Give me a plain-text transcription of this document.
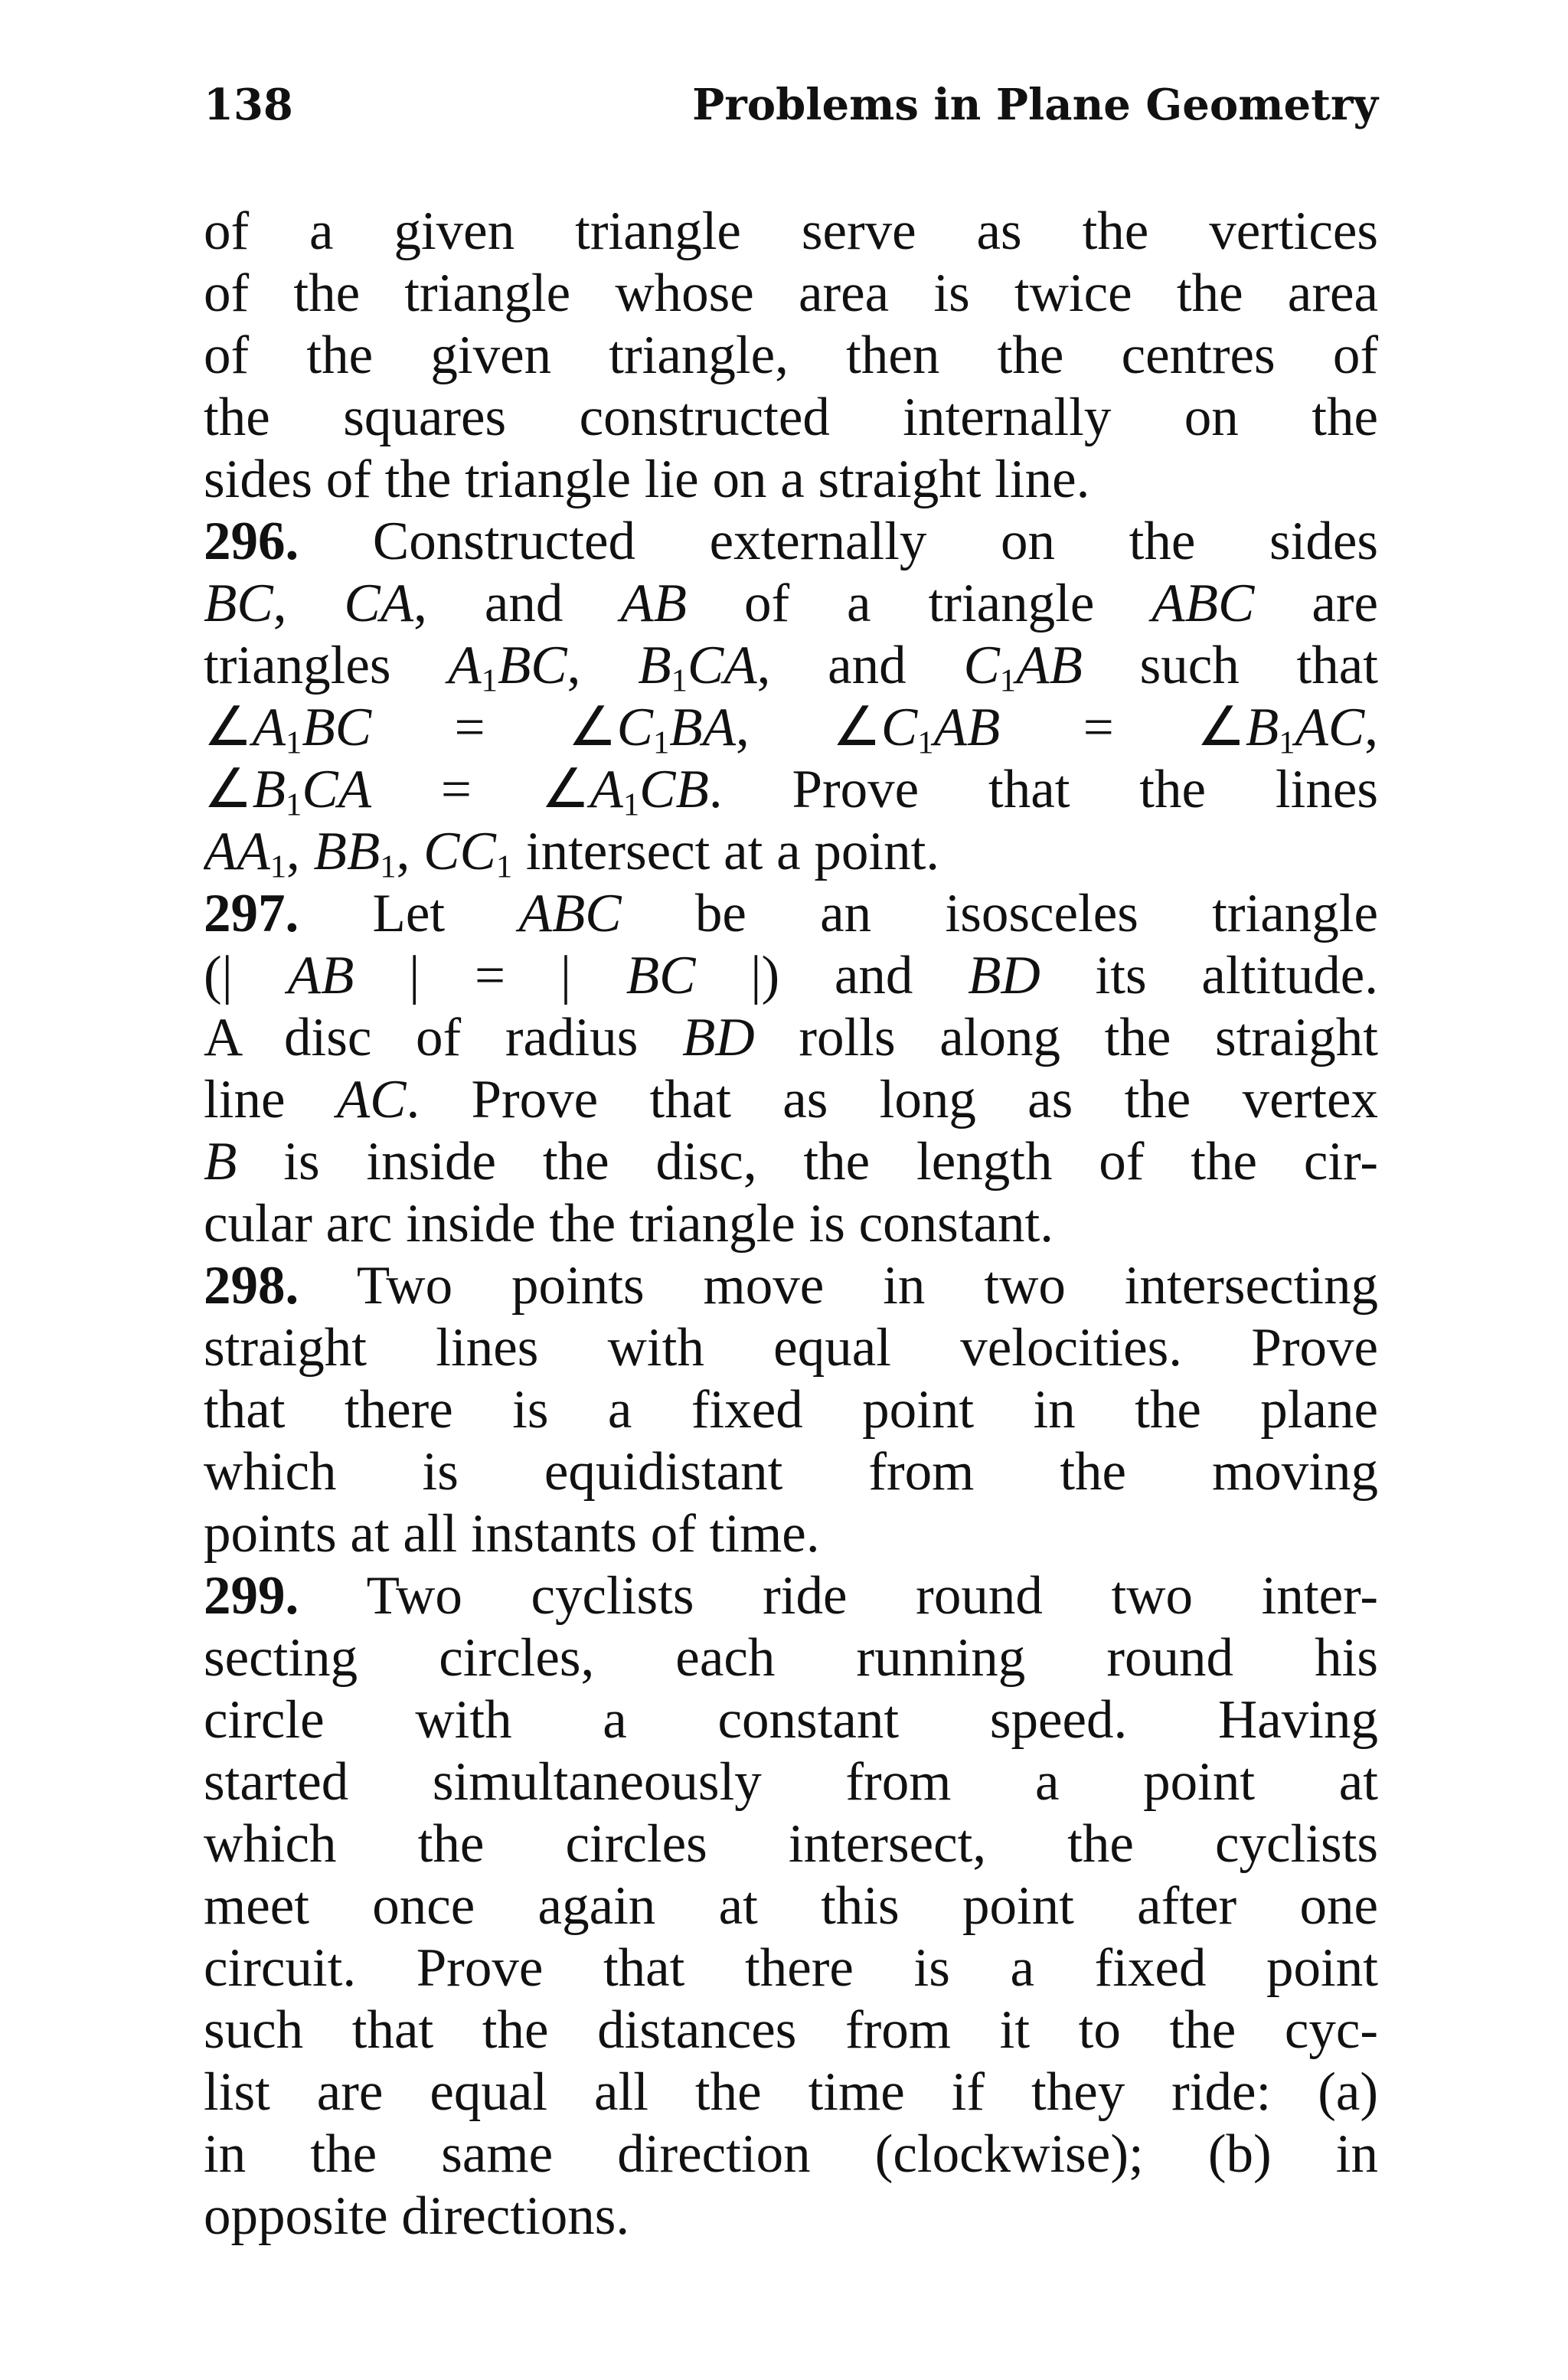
138	Problems in Plane Geometry
of a given triangle serve as the vertices
of the triangle whose area is twice the area
of the given triangle, then the centres of
the squares constructed internally on the
sides of the triangle lie on a straight line.
296. Constructed externally on the sides
BC, CA, and AB of a triangle ABC are
triangles $A_1BC$, $B_1CA$, and $C_1AB$ such that
$\angle A_1BC$ = $\angle C_1BA$, $\angle C_1AB$ = $\angle B_1AC$,
$\angle B_1CA$ = $\angle A_1CB$. Prove that the lines
$AA_1$, $BB_1$, $CC_1$ intersect at a point.
297. Let ABC be an isosceles triangle
(| AB | = | BC |) and BD its altitude.
A disc of radius BD rolls along the straight
line AC. Prove that as long as the vertex
B is inside the disc, the length of the cir-
cular arc inside the triangle is constant.
298. Two points move in two intersecting
straight lines with equal velocities. Prove
that there is a fixed point in the plane
which is equidistant from the moving
points at all instants of time.
299. Two cyclists ride round two inter-
secting circles, each running round his
circle with a constant speed. Having
started simultaneously from a point at
which the circles intersect, the cyclists
meet once again at this point after one
circuit. Prove that there is a fixed point
such that the distances from it to the cyc-
list are equal all the time if they ride: (a)
in the same direction (clockwise); (b) in
opposite directions.
